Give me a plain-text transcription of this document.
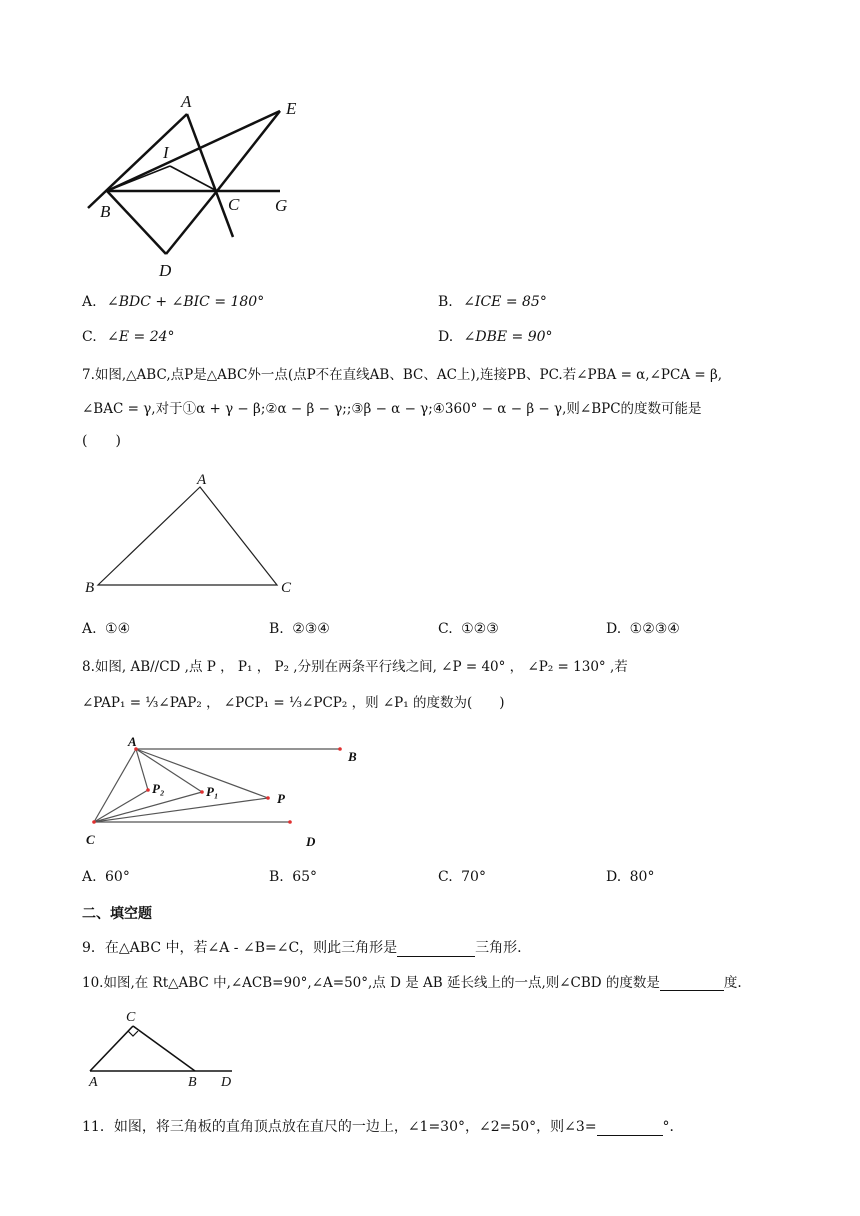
A	E
I
B	C G
D
A. ∠BDC + ∠BIC = 180°	B. ∠ICE = 85°
C. ∠E = 24°	D. ∠DBE = 90°
7.如图,△ABC,点P是△ABC外一点(点P不在直线AB、BC、AC上),连接PB、PC.若∠PBA = α,∠PCA = β,
∠BAC = γ,对于①α + γ − β;②α − β − γ;;③β − α − γ;④360° − α − β − γ,则∠BPC的度数可能是
(　　)
A
B	C
A. ①④	B. ②③④	C. ①②③	D. ①②③④
8.如图, AB//CD ,点 P ， P₁ ， P₂ ,分别在两条平行线之间, ∠P = 40° ， ∠P₂ = 130° ,若
∠PAP₁ = ⅓∠PAP₂ ， ∠PCP₁ = ⅓∠PCP₂ ，则 ∠P₁ 的度数为(　　)
A
B
C	D
P
P₁
P₂
A. 60°	B. 65°	C. 70°	D. 80°
二、填空题
9．在△ABC 中，若∠A - ∠B=∠C，则此三角形是	三角形.
10.如图,在 Rt△ABC 中,∠ACB=90°,∠A=50°,点 D 是 AB 延长线上的一点,则∠CBD 的度数是	度.
C
A	B D
11．如图，将三角板的直角顶点放在直尺的一边上，∠1=30°，∠2=50°，则∠3=	°．
